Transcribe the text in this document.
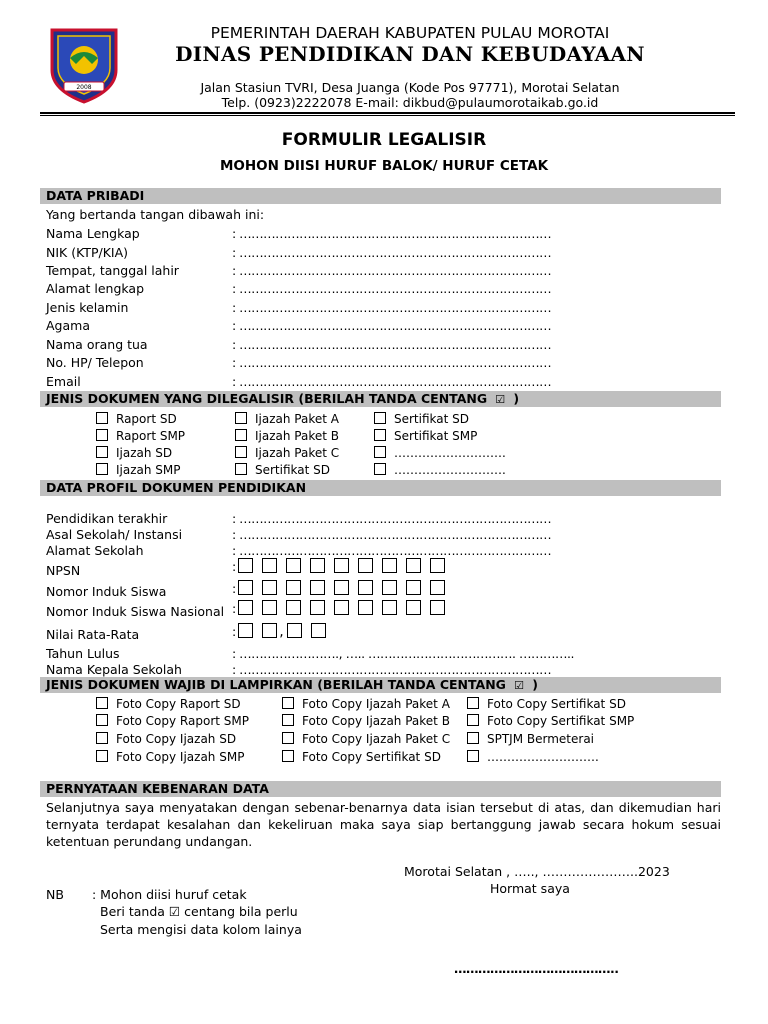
2008
PEMERINTAH DAERAH KABUPATEN PULAU MOROTAI
DINAS PENDIDIKAN DAN KEBUDAYAAN
Jalan Stasiun TVRI, Desa Juanga (Kode Pos 97771), Morotai Selatan
Telp. (0923)2222078 E-mail: dikbud@pulaumorotaikab.go.id
FORMULIR LEGALISIR
MOHON DIISI HURUF BALOK/ HURUF CETAK
DATA PRIBADI
Yang bertanda tangan dibawah ini:
Nama Lengkap	: ……………………………………………………………………
NIK (KTP/KIA)	: ……………………………………………………………………
Tempat, tanggal lahir	: ……………………………………………………………………
Alamat lengkap	: ……………………………………………………………………
Jenis kelamin	: ……………………………………………………………………
Agama	: ……………………………………………………………………
Nama orang tua	: ……………………………………………………………………
No. HP/ Telepon	: ……………………………………………………………………
Email	: ……………………………………………………………………
JENIS DOKUMEN YANG DILEGALISIR (BERILAH TANDA CENTANG  ☑  )
Raport SD
Raport SMP
Ijazah SD
Ijazah SMP
Ijazah Paket A
Ijazah Paket B
Ijazah Paket C
Sertifikat SD
Sertifikat SD
Sertifikat SMP
……………………….
……………………….
DATA PROFIL DOKUMEN PENDIDIKAN
Pendidikan terakhir	: ……………………………………………………………………
Asal Sekolah/ Instansi	: ……………………………………………………………………
Alamat Sekolah	: ……………………………………………………………………
NPSN	:
Nomor Induk Siswa	:
Nomor Induk Siswa Nasional :
Nilai Rata-Rata	:	,
Tahun Lulus	: ……………………., ….. ………………………………. …………..
Nama Kepala Sekolah	: ……………………………………………………………………
JENIS DOKUMEN WAJIB DI LAMPIRKAN (BERILAH TANDA CENTANG  ☑  )
Foto Copy Raport SD
Foto Copy Raport SMP
Foto Copy Ijazah SD
Foto Copy Ijazah SMP
Foto Copy Ijazah Paket A
Foto Copy Ijazah Paket B
Foto Copy Ijazah Paket C
Foto Copy Sertifikat SD
Foto Copy Sertifikat SD
Foto Copy Sertifikat SMP
SPTJM Bermeterai
……………………….
PERNYATAAN KEBENARAN DATA
Selanjutnya saya menyatakan dengan sebenar-benarnya data isian tersebut di atas, dan dikemudian hari ternyata terdapat kesalahan dan kekeliruan maka saya siap bertanggung jawab secara hokum sesuai ketentuan perundang undangan.
Morotai Selatan , ….., …………………..2023
Hormat saya
…………………………………..
NB : Mohon diisi huruf cetak
Beri tanda ☑ centang bila perlu
Serta mengisi data kolom lainya
